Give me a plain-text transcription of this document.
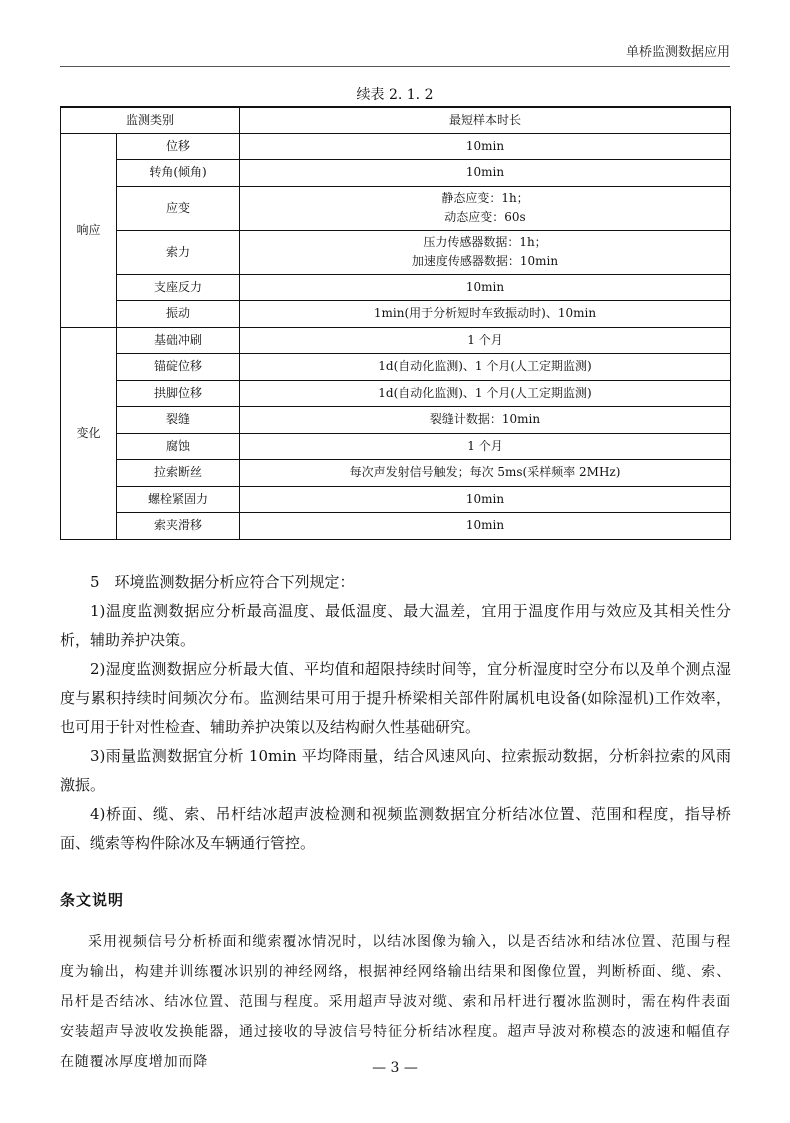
单桥监测数据应用
续表 2. 1. 2
监测类别		最短样本时长
响应	位移	10min

	转角(倾角)	10min

	应变	静态应变：1h；
动态应变：60s

	索力	压力传感器数据：1h；
加速度传感器数据：10min

	支座反力	10min

	振动	1min(用于分析短时车致振动时)、10min

变化	基础冲刷	1 个月

	锚碇位移	1d(自动化监测)、1 个月(人工定期监测)

	拱脚位移	1d(自动化监测)、1 个月(人工定期监测)

	裂缝	裂缝计数据：10min

	腐蚀	1 个月

	拉索断丝	每次声发射信号触发；每次 5ms(采样频率 2MHz)

	螺栓紧固力	10min

	索夹滑移	10min

5　环境监测数据分析应符合下列规定：

1)温度监测数据应分析最高温度、最低温度、最大温差，宜用于温度作用与效应及其相关性分析，辅助养护决策。

2)湿度监测数据应分析最大值、平均值和超限持续时间等，宜分析湿度时空分布以及单个测点湿度与累积持续时间频次分布。监测结果可用于提升桥梁相关部件附属机电设备(如除湿机)工作效率，也可用于针对性检查、辅助养护决策以及结构耐久性基础研究。

3)雨量监测数据宜分析 10min 平均降雨量，结合风速风向、拉索振动数据，分析斜拉索的风雨激振。

4)桥面、缆、索、吊杆结冰超声波检测和视频监测数据宜分析结冰位置、范围和程度，指导桥面、缆索等构件除冰及车辆通行管控。

条文说明

采用视频信号分析桥面和缆索覆冰情况时，以结冰图像为输入，以是否结冰和结冰位置、范围与程度为输出，构建并训练覆冰识别的神经网络，根据神经网络输出结果和图像位置，判断桥面、缆、索、吊杆是否结冰、结冰位置、范围与程度。采用超声导波对缆、索和吊杆进行覆冰监测时，需在构件表面安装超声导波收发换能器，通过接收的导波信号特征分析结冰程度。超声导波对称模态的波速和幅值存在随覆冰厚度增加而降	— 3 —
